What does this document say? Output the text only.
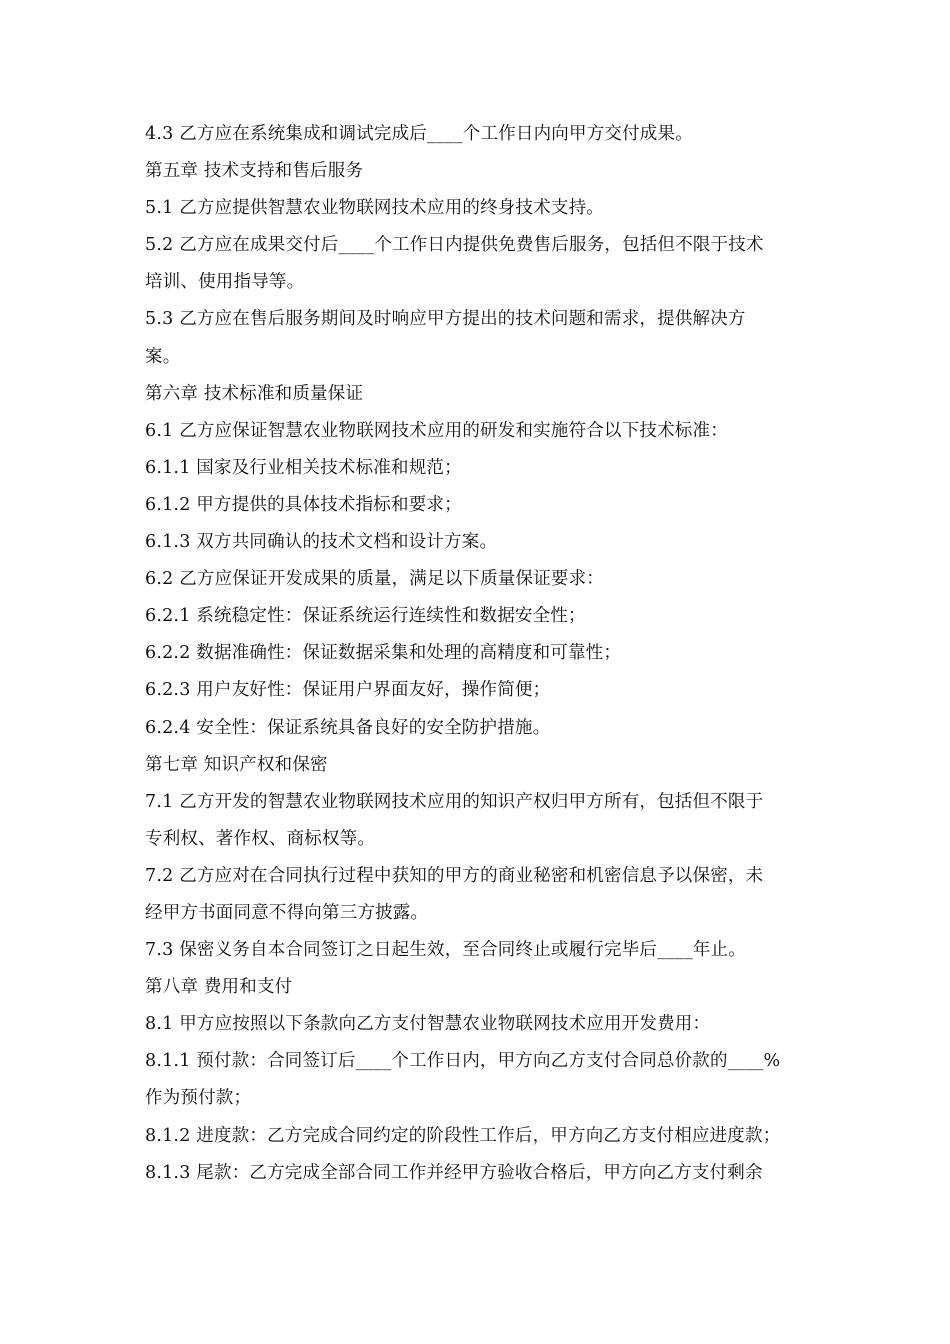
4.3 乙方应在系统集成和调试完成后____个工作日内向甲方交付成果。
第五章 技术支持和售后服务
5.1 乙方应提供智慧农业物联网技术应用的终身技术支持。
5.2 乙方应在成果交付后____个工作日内提供免费售后服务，包括但不限于技术
培训、使用指导等。
5.3 乙方应在售后服务期间及时响应甲方提出的技术问题和需求，提供解决方
案。
第六章 技术标准和质量保证
6.1 乙方应保证智慧农业物联网技术应用的研发和实施符合以下技术标准：
6.1.1 国家及行业相关技术标准和规范；
6.1.2 甲方提供的具体技术指标和要求；
6.1.3 双方共同确认的技术文档和设计方案。
6.2 乙方应保证开发成果的质量，满足以下质量保证要求：
6.2.1 系统稳定性：保证系统运行连续性和数据安全性；
6.2.2 数据准确性：保证数据采集和处理的高精度和可靠性；
6.2.3 用户友好性：保证用户界面友好，操作简便；
6.2.4 安全性：保证系统具备良好的安全防护措施。
第七章 知识产权和保密
7.1 乙方开发的智慧农业物联网技术应用的知识产权归甲方所有，包括但不限于
专利权、著作权、商标权等。
7.2 乙方应对在合同执行过程中获知的甲方的商业秘密和机密信息予以保密，未
经甲方书面同意不得向第三方披露。
7.3 保密义务自本合同签订之日起生效，至合同终止或履行完毕后____年止。
第八章 费用和支付
8.1 甲方应按照以下条款向乙方支付智慧农业物联网技术应用开发费用：
8.1.1 预付款：合同签订后____个工作日内，甲方向乙方支付合同总价款的____%
作为预付款；
8.1.2 进度款：乙方完成合同约定的阶段性工作后，甲方向乙方支付相应进度款；
8.1.3 尾款：乙方完成全部合同工作并经甲方验收合格后，甲方向乙方支付剩余
